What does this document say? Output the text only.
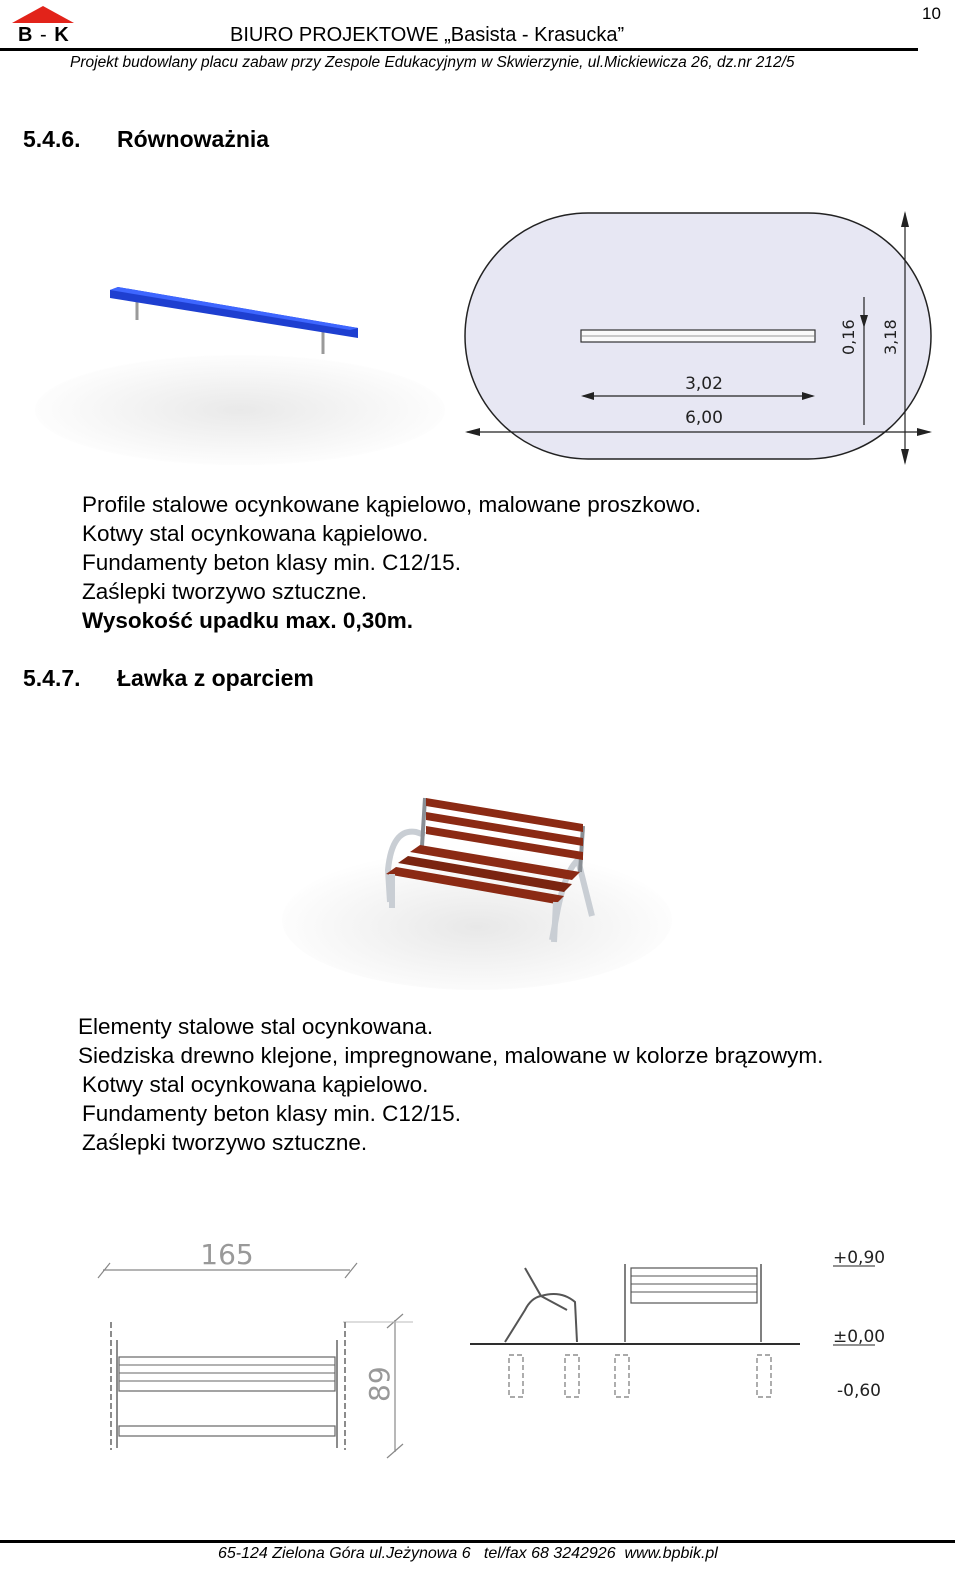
B - K	BIURO PROJEKTOWE „Basista - Krasucka”
10
Projekt budowlany placu zabaw przy Zespole Edukacyjnym w Skwierzynie, ul.Mickiewicza 26, dz.nr 212/5
5.4.6. Równoważnia
3,02
6,00
0,16 3,18
Profile stalowe ocynkowane kąpielowo, malowane proszkowo.
Kotwy stal ocynkowana kąpielowo.
Fundamenty beton klasy min. C12/15.
Zaślepki tworzywo sztuczne.
Wysokość upadku max. 0,30m.
5.4.7. Ławka z oparciem
Elementy stalowe stal ocynkowana.
Siedziska drewno klejone, impregnowane, malowane w kolorze brązowym.
Kotwy stal ocynkowana kąpielowo.
Fundamenty beton klasy min. C12/15.
Zaślepki tworzywo sztuczne.
165
89
+0,90
±0,00
-0,60
65-124 Zielona Góra ul.Jeżynowa 6   tel/fax 68 3242926  www.bpbik.pl
